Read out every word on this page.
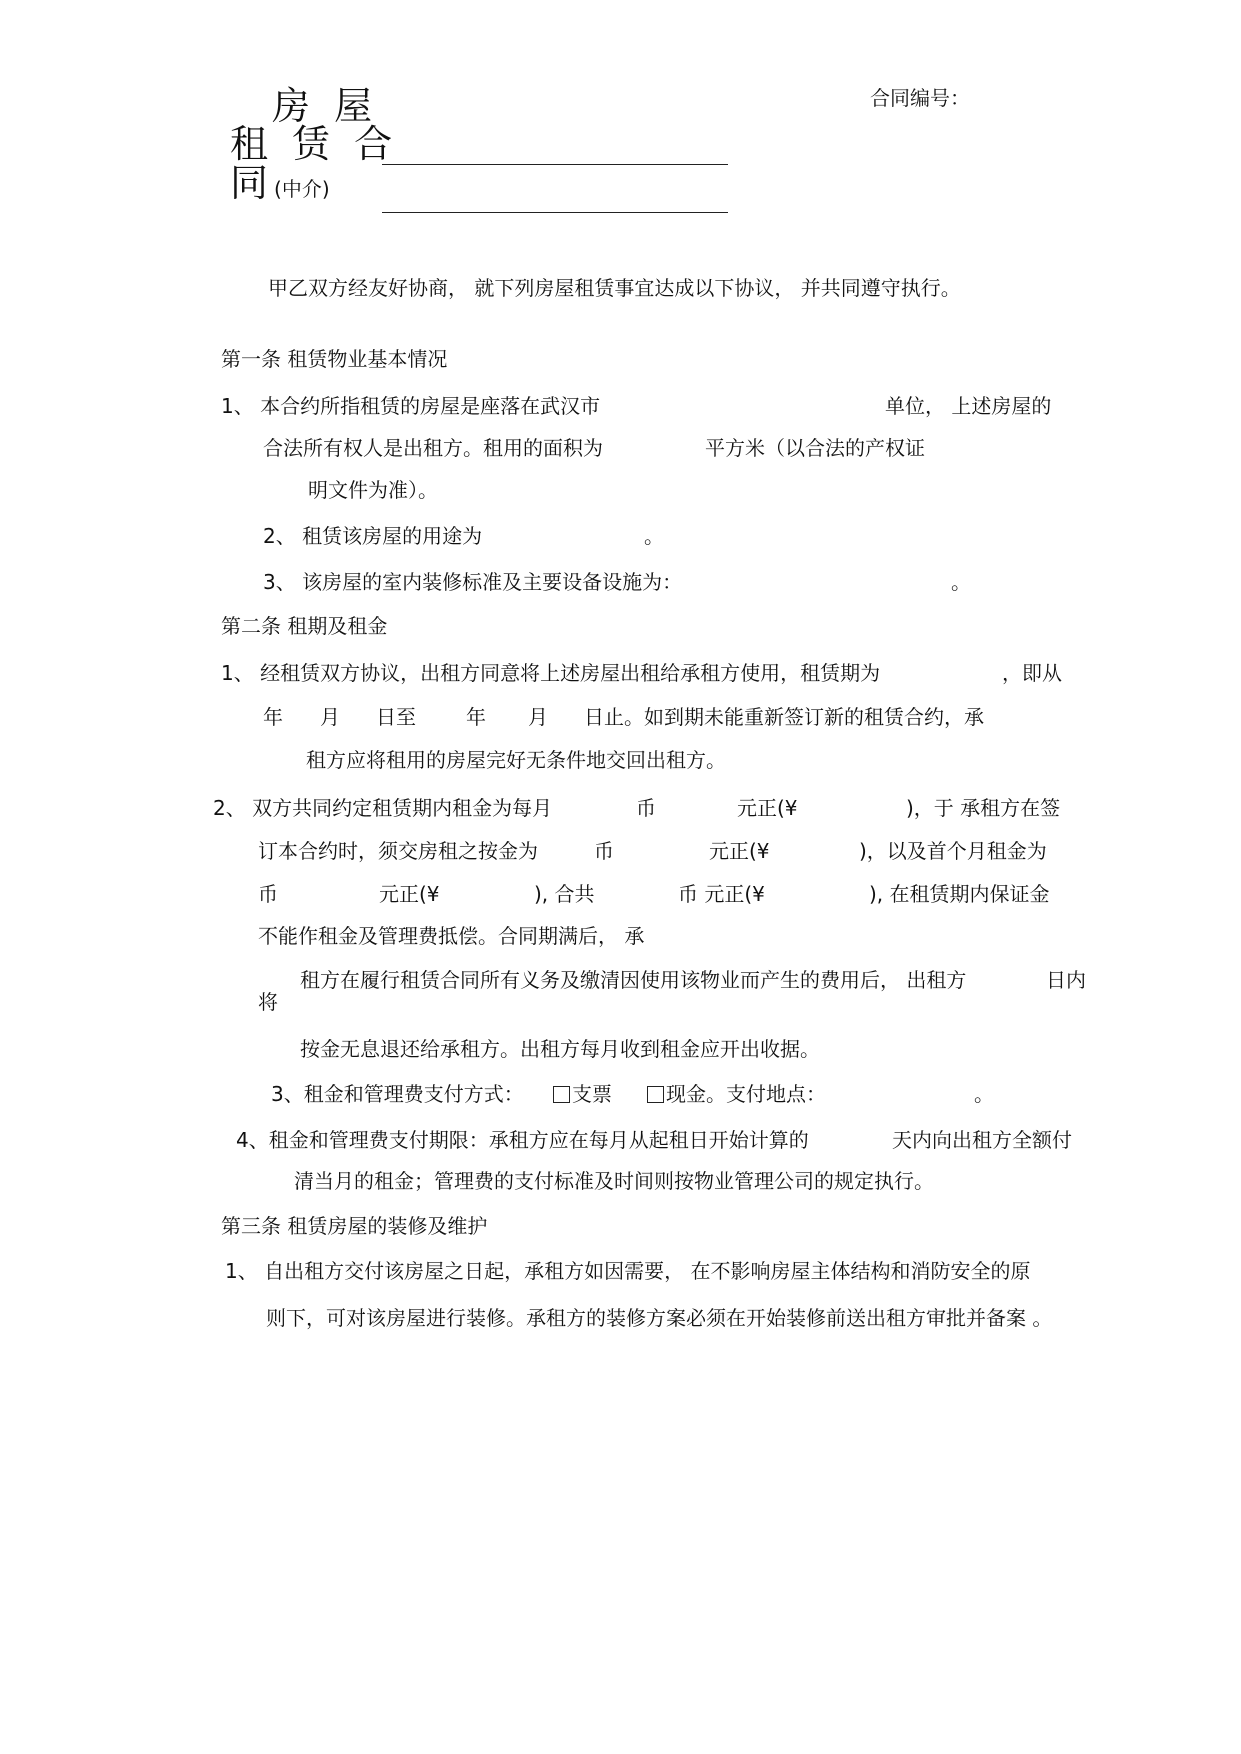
房 屋
租 赁 合
同(中介)
合同编号：
甲乙双方经友好协商， 就下列房屋租赁事宜达成以下协议， 并共同遵守执行。
第一条 租赁物业基本情况
1、 本合约所指租赁的房屋是座落在武汉市	单位， 上述房屋的
合法所有权人是出租方。租用的面积为	平方米（以合法的产权证
明文件为准）。
2、 租赁该房屋的用途为	。
3、 该房屋的室内装修标准及主要设备设施为：	。
第二条 租期及租金
1、 经租赁双方协议，出租方同意将上述房屋出租给承租方使用，租赁期为	，即从
年 月 日至	年 月 日止。如到期未能重新签订新的租赁合约，承
租方应将租用的房屋完好无条件地交回出租方。
2、 双方共同约定租赁期内租金为每月	币	元正(¥	)，于 承租方在签
订本合约时，须交房租之按金为	币	元正(¥	)，以及首个月租金为
币	元正(¥	), 合共	币 元正(¥	), 在租赁期内保证金
不能作租金及管理费抵偿。合同期满后， 承
租方在履行租赁合同所有义务及缴清因使用该物业而产生的费用后， 出租方	日内
将
按金无息退还给承租方。出租方每月收到租金应开出收据。
3、租金和管理费支付方式：	支票	现金。支付地点：	。
4、租金和管理费支付期限：承租方应在每月从起租日开始计算的	天内向出租方全额付
清当月的租金；管理费的支付标准及时间则按物业管理公司的规定执行。
第三条 租赁房屋的装修及维护
1、 自出租方交付该房屋之日起，承租方如因需要， 在不影响房屋主体结构和消防安全的原
则下，可对该房屋进行装修。承租方的装修方案必须在开始装修前送出租方审批并备案 。
